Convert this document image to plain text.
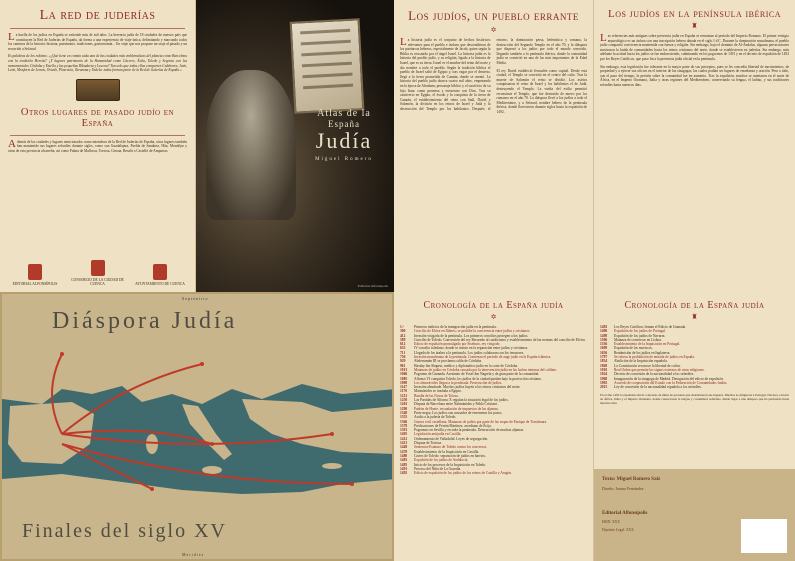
La red de juderías

La huella de los judíos en España se extiende más de mil años. La herencia judía de 18 ciudades de nuestro país que constituyen la Red de Juderías de España, da forma a una experiencia de viaje única, delimitando y marcando todos los caminos de la historia: historia, patrimonio, tradiciones, gastronomía... Un viaje que nos propone un viaje al pasado y un recorrido a Sefarad.

Es palabras de los rabinos: «¿Qué tiene en común cada una de las ciudades más emblemáticas del planeta como Barcelona con la tradición Hervás? ¿Y lugares patrimonio de la Humanidad como Cáceres, Ávila, Toledo y Segovia con las monumentales Córdoba y Estella y las pequeñas Ribadavia y Lucena? Tan solo que todas ellas comparten Calahorra, Jaén, León, Monforte de Lemos, Oviedo, Plasencia, Tarazona y Tudela: todas forman parte de la Red de Juderías de España.»

Otros lugares de pasado judío en España

Además de las ciudades y lugares mencionados como miembros de la Red de Juderías de España, otros lugares también han mantenido sus lugares sefardíes durante siglos, como son Guadalajara, Puebla de Sanabria, Hita, Mondéjar y otras de esta provincia alcarreña, así como Palma de Mallorca, Tortosa, Girona, Besalú o Castelló de Ampurias.

EDITORIAL ALFONSÍPOLIS
CONSORCIO DE LA CIUDAD DE CUENCA	AYUNTAMIENTO DE CUENCA
Atlas de la
España
Judía
Miguel Romero
Editorial Alfonsípolis
Los judíos, un pueblo errante
✡

La historia judía es el conjunto de hechos históricos relevantes para el pueblo e incluso que descendieron de los patriarcas hebreos, especialmente de Jacob, quien según la Biblia es rescatado por el ángel Israel. La historia judía es la historia del pueblo judío, y su religión, ligado a la historia de Israel, que es su tierra. Israel es el nombre del reino del norte y dio nombre a todo el pueblo. Según la tradición bíblica el pueblo de Israel salió de Egipto y, tras vagar por el desierto, llegó a la tierra prometida de Canaán, donde se asentó. La historia del pueblo judío abarca cuatro mil años, empezando en la época de Abraham, personaje bíblico y el sacrificio de su hijo Isaac como promesa y encuentro con Dios. Tras su cautiverio en Egipto, el éxodo y la conquista de la tierra de Canaán, el establecimiento del reino con Saúl, David y Salomón, la división en los reinos de Israel y Judá y la destrucción del Templo por los babilonios. Después, el retorno, la dominación persa, helenística y romana, la destrucción del Segundo Templo en el año 70, y la diáspora que dispersó a los judíos por todo el mundo conocido, llegando también a la península ibérica, donde la comunidad judía se convirtió en una de las más importantes de la Edad Media.

El rey David estableció Jerusalén como capital. Desde esta ciudad, el Templo se convirtió en el centro del culto. Tras la muerte de Salomón el reino se dividió. Los asirios conquistaron el reino de Israel y los babilonios el de Judá, destruyendo el Templo. La vuelta del exilio permitió reconstruir el Templo, que fue destruido de nuevo por los romanos en el año 70. La diáspora llevó a los judíos a todo el Mediterráneo, y a Sefarad, nombre hebreo de la península ibérica, donde florecieron durante siglos hasta la expulsión de 1492.

Los judíos en la península ibérica
♜

Las referencias más antiguas sobre presencia judía en España se remontan al período del Imperio Romano. El primer vestigio arqueológico es un ánfora con una inscripción hebrea datada en el siglo I d.C. Durante la dominación musulmana, el pueblo judío compartió convivencia mantenida con fuerza y religión. Sin embargo, bajo el dominio de Al-Ándalus, algunas persecuciones motivaron la huida de comunidades hacia los reinos cristianos del norte, donde se establecieron en juderías. Sin embargo, más adelante la actitud hacia los judíos se fue endureciendo, culminando en los pogromos de 1391 y en el decreto de expulsión de 1492 por los Reyes Católicos, que puso fin a la presencia judía oficial en la península.

Sin embargo, esta legislación fue tolerante en la mayor parte de sus preceptos, pues se les concedía libertad de movimientos, de propiedad y a ejercer sus oficios en el interior de las sinagogas, las cuales podían ser lugares de enseñanza y oración. Pese a todo, con el paso del tiempo, la presión sobre la comunidad fue en aumento. Tras la expulsión, muchos se asentaron en el norte de África, en el Imperio Otomano, Italia y otras regiones del Mediterráneo, conservando su lengua, el ladino, y sus tradiciones sefardíes hasta nuestros días.

Septentrio
Diáspora Judía
Finales del siglo XV
Meridies
Cronología de la España judía
✡
1.ª	Primeros indicios de la inmigración judía en la península.
300	Concilio de Elvira en Iliberis; se prohíbe la convivencia entre judíos y cristianos.
412	Invasión visigoda de la península. Los primeros concilios protegen a los judíos.
589	Concilio de Toledo. Conversión del rey Recaredo al catolicismo y establecimiento de las normas del concilio de Elvira.
612	Edicto de expulsión promulgado por Sisebuto, rey visigodo.
633	IV concilio toledano: donde se insiste en la separación entre judíos y cristianos.
711	Llegada de los árabes a la península. Los judíos colaboran con los invasores.
756	Invasión musulmana de la península. Comienza el período de auge judío en la España islámica.
929	Abderramán III se proclama califa de Córdoba.
961	Hasday ibn Shaprut, médico y diplomático judío en la corte de Córdoba.
1013	Matanzas de judíos en Córdoba causada por la intervención judía en las luchas internas del califato.
1066	Pogromo de Granada. Asesinato de Yosef ibn Nagrela y de gran parte de la comunidad.
1085	Alfonso VI conquista Toledo, los judíos de la ciudad quedan bajo la protección cristiana.
1090	Los almorávides llegan a la península. Persecución de judíos.
1147	Invasión almohade. Muchos judíos huyen a los reinos cristianos del norte.
1170	Maimónides se traslada a Egipto.
1212	Batalla de las Navas de Tolosa.
1250	Las Partidas de Alfonso X regulan la situación legal de los judíos.
1263	Disputa de Barcelona entre Nahmánides y Pablo Cristiani.
1290	Padrón de Huete, recaudación de impuestos de las aljamas.
1348	Peste negra. Los judíos son acusados de envenenar los pozos.
1355	Asalto a la judería de Toledo.
1366	Guerra civil castellana. Matanzas de judíos por parte de las tropas de Enrique de Trastámara.
1378	Predicaciones de Ferrán Martínez, arcediano de Écija.
1391	Pogromos en Sevilla y en toda la península. Destrucción de muchas aljamas.
1405	Legislación antijudía en Castilla.
1412	Ordenamiento de Valladolid. Leyes de segregación.
1413	Disputa de Tortosa.
1449	Sentencia-Estatuto de Toledo contra los conversos.
1478	Establecimiento de la Inquisición en Castilla.
1480	Cortes de Toledo: separación de judíos en barrios.
1483	Expulsión de los judíos de Andalucía.
1485	Inicio de los procesos de la Inquisición en Toledo.
1491	Proceso del Niño de La Guardia.
1492	Edicto de expulsión de los judíos de los reinos de Castilla y Aragón.
Cronología de la España judía
♜
1492	Los Reyes Católicos firman el Edicto de Granada.
1496	Expulsión de los judíos de Portugal.
1498	Expulsión de los judíos de Navarra.
1506	Matanza de conversos en Lisboa.
1536	Establecimiento de la Inquisición en Portugal.
1609	Expulsión de los moriscos.
1656	Readmisión de los judíos en Inglaterra.
1797	Se reitera la prohibición de entrada de judíos en España.
1834	Abolición de la Inquisición española.
1869	La Constitución reconoce la libertad de cultos.
1910	Real Orden que permite los signos externos de otras religiones.
1924	Decreto de concesión de la nacionalidad a los sefardíes.
1968	Inauguración de la sinagoga de Madrid. Derogación del edicto de expulsión.
1992	Acuerdo de cooperación del Estado con la Federación de Comunidades Judías.
2015	Ley de concesión de la nacionalidad española a los sefardíes.

En el año 1492 la expulsión afectó a decenas de miles de personas que abandonaron sus hogares. Muchos se dirigieron a Portugal, Navarra, el norte de África, Italia y el Imperio Otomano, donde conservaron la lengua y costumbres sefardíes, dando lugar a una diáspora que ha perdurado hasta nuestros días.

Texto: Miguel Romero Saiz
Diseño: Juanra Fernández
Editorial Alfonsípolis
ISBN: XXX
Depósito Legal: XXX
